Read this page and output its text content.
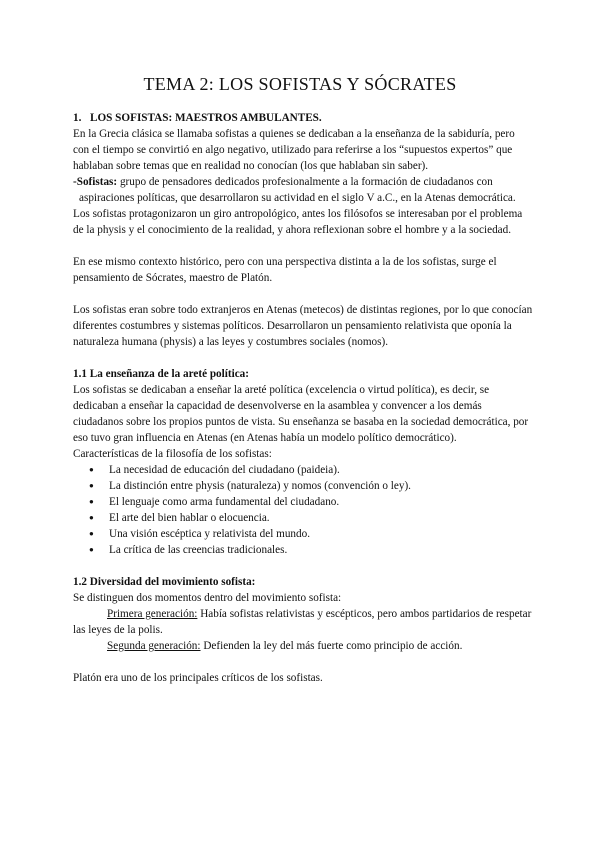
TEMA 2: LOS SOFISTAS Y SÓCRATES

1. LOS SOFISTAS: MAESTROS AMBULANTES.

En la Grecia clásica se llamaba sofistas a quienes se dedicaban a la enseñanza de la sabiduría, pero con el tiempo se convirtió en algo negativo, utilizado para referirse a los “supuestos expertos” que hablaban sobre temas que en realidad no conocían (los que hablaban sin saber).

-Sofistas: grupo de pensadores dedicados profesionalmente a la formación de ciudadanos con aspiraciones políticas, que desarrollaron su actividad en el siglo V a.C., en la Atenas democrática.

Los sofistas protagonizaron un giro antropológico, antes los filósofos se interesaban por el problema de la physis y el conocimiento de la realidad, y ahora reflexionan sobre el hombre y a la sociedad.

En ese mismo contexto histórico, pero con una perspectiva distinta a la de los sofistas, surge el pensamiento de Sócrates, maestro de Platón.

Los sofistas eran sobre todo extranjeros en Atenas (metecos) de distintas regiones, por lo que conocían diferentes costumbres y sistemas políticos. Desarrollaron un pensamiento relativista que oponía la naturaleza humana (physis) a las leyes y costumbres sociales (nomos).

1.1 La enseñanza de la areté política:

Los sofistas se dedicaban a enseñar la areté política (excelencia o virtud política), es decir, se dedicaban a enseñar la capacidad de desenvolverse en la asamblea y convencer a los demás ciudadanos sobre los propios puntos de vista. Su enseñanza se basaba en la sociedad democrática, por eso tuvo gran influencia en Atenas (en Atenas había un modelo político democrático).

Características de la filosofía de los sofistas:

● La necesidad de educación del ciudadano (paideia).
● La distinción entre physis (naturaleza) y nomos (convención o ley).
● El lenguaje como arma fundamental del ciudadano.
● El arte del bien hablar o elocuencia.
● Una visión escéptica y relativista del mundo.
● La crítica de las creencias tradicionales.

1.2 Diversidad del movimiento sofista:

Se distinguen dos momentos dentro del movimiento sofista:

Primera generación: Había sofistas relativistas y escépticos, pero ambos partidarios de respetar las leyes de la polis.

Segunda generación: Defienden la ley del más fuerte como principio de acción.

Platón era uno de los principales críticos de los sofistas.
